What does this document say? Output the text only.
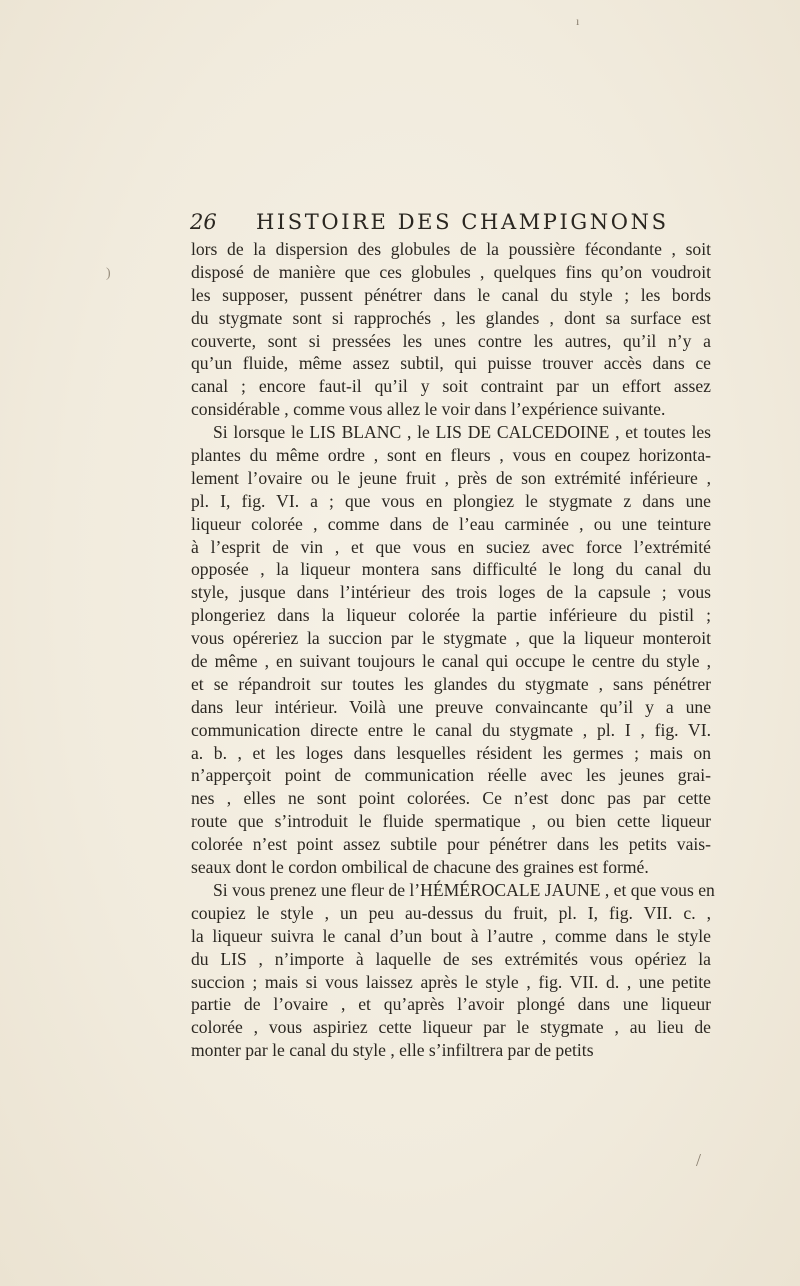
ı
26 HISTOIRE DES CHAMPIGNONS
)
lors de la dispersion des globules de la poussière fécondante , soit
disposé de manière que ces globules , quelques fins qu’on voudroit
les supposer, pussent pénétrer dans le canal du style ; les bords
du stygmate sont si rapprochés , les glandes , dont sa surface est
couverte, sont si pressées les unes contre les autres, qu’il n’y a
qu’un fluide, même assez subtil, qui puisse trouver accès dans ce
canal ; encore faut-il qu’il y soit contraint par un effort assez
considérable , comme vous allez le voir dans l’expérience suivante.
Si lorsque le LIS BLANC , le LIS DE CALCEDOINE , et toutes les
plantes du même ordre , sont en fleurs , vous en coupez horizonta-
lement l’ovaire ou le jeune fruit , près de son extrémité inférieure ,
pl. I, fig. VI. a ; que vous en plongiez le stygmate z dans une
liqueur colorée , comme dans de l’eau carminée , ou une teinture
à l’esprit de vin , et que vous en suciez avec force l’extrémité
opposée , la liqueur montera sans difficulté le long du canal du
style, jusque dans l’intérieur des trois loges de la capsule ; vous
plongeriez dans la liqueur colorée la partie inférieure du pistil ;
vous opéreriez la succion par le stygmate , que la liqueur monteroit
de même , en suivant toujours le canal qui occupe le centre du style ,
et se répandroit sur toutes les glandes du stygmate , sans pénétrer
dans leur intérieur. Voilà une preuve convaincante qu’il y a une
communication directe entre le canal du stygmate , pl. I , fig. VI.
a. b. , et les loges dans lesquelles résident les germes ; mais on
n’apperçoit point de communication réelle avec les jeunes grai-
nes , elles ne sont point colorées. Ce n’est donc pas par cette
route que s’introduit le fluide spermatique , ou bien cette liqueur
colorée n’est point assez subtile pour pénétrer dans les petits vais-
seaux dont le cordon ombilical de chacune des graines est formé.
Si vous prenez une fleur de l’HÉMÉROCALE JAUNE , et que vous en
coupiez le style , un peu au-dessus du fruit, pl. I, fig. VII. c. ,
la liqueur suivra le canal d’un bout à l’autre , comme dans le style
du LIS , n’importe à laquelle de ses extrémités vous opériez la
succion ; mais si vous laissez après le style , fig. VII. d. , une petite
partie de l’ovaire , et qu’après l’avoir plongé dans une liqueur
colorée , vous aspiriez cette liqueur par le stygmate , au lieu de
monter par le canal du style , elle s’infiltrera par de petits
/
